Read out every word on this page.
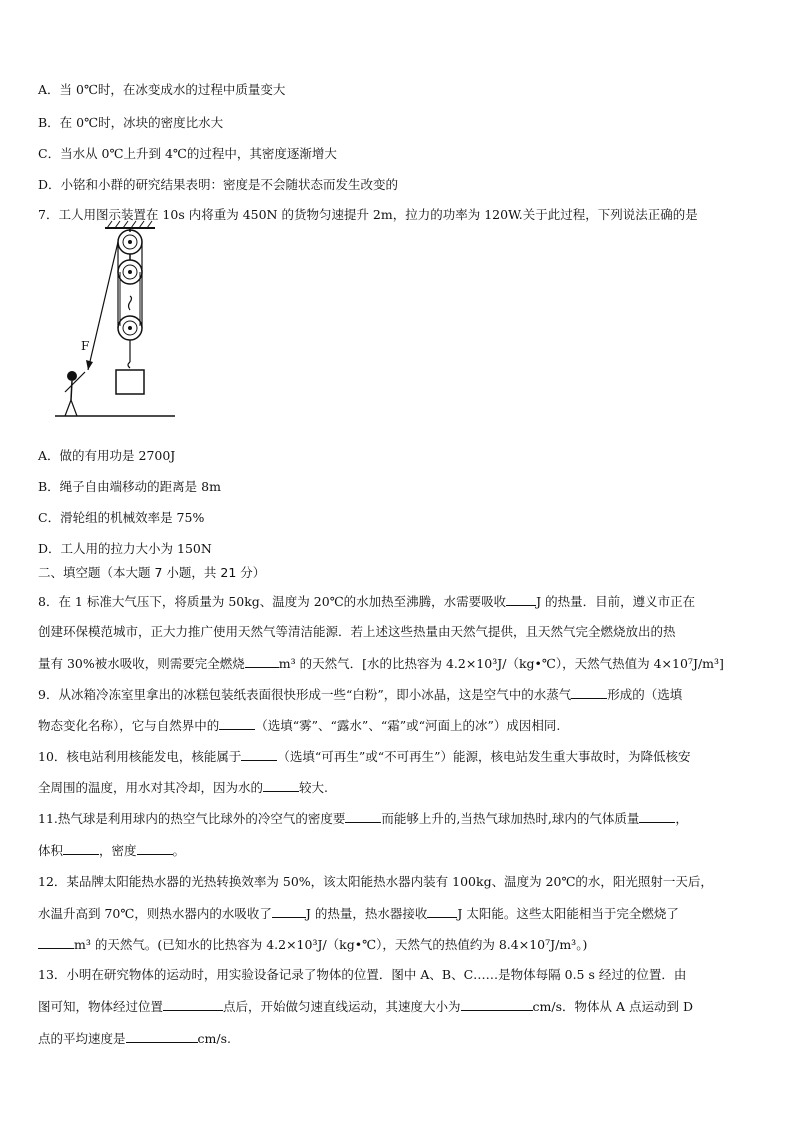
A．当 0℃时，在冰变成水的过程中质量变大
B．在 0℃时，冰块的密度比水大
C．当水从 0℃上升到 4℃的过程中，其密度逐渐增大
D．小铭和小群的研究结果表明：密度是不会随状态而发生改变的
7．工人用图示装置在 10s 内将重为 450N 的货物匀速提升 2m，拉力的功率为 120W.关于此过程，下列说法正确的是
F
A．做的有用功是 2700J
B．绳子自由端移动的距离是 8m
C．滑轮组的机械效率是 75%
D．工人用的拉力大小为 150N
二、填空题（本大题 7 小题，共 21 分）
8．在 1 标准大气压下，将质量为 50kg、温度为 20℃的水加热至沸腾，水需要吸收 J 的热量．目前，遵义市正在
创建环保模范城市，正大力推广使用天然气等清洁能源．若上述这些热量由天然气提供，且天然气完全燃烧放出的热
量有 30%被水吸收，则需要完全燃烧	m³ 的天然气．[水的比热容为 4.2×10³J/（kg•℃），天然气热值为 4×10⁷J/m³]
9．从冰箱冷冻室里拿出的冰糕包装纸表面很快形成一些“白粉”，即小冰晶，这是空气中的水蒸气	形成的（选填
物态变化名称），它与自然界中的	（选填“雾”、“露水”、“霜”或“河面上的冰”）成因相同.
10．核电站利用核能发电，核能属于	（选填“可再生”或“不可再生”）能源，核电站发生重大事故时，为降低核安
全周围的温度，用水对其冷却，因为水的	较大.
11.热气球是利用球内的热空气比球外的冷空气的密度要	而能够上升的,当热气球加热时,球内的气体质量	，
体积	，密度	。
12．某品牌太阳能热水器的光热转换效率为 50%，该太阳能热水器内装有 100kg、温度为 20℃的水，阳光照射一天后，
水温升高到 70℃，则热水器内的水吸收了	J 的热量，热水器接收 J 太阳能。这些太阳能相当于完全燃烧了
m³ 的天然气。(已知水的比热容为 4.2×10³J/（kg•℃），天然气的热值约为 8.4×10⁷J/m³。)
13．小明在研究物体的运动时，用实验设备记录了物体的位置．图中 A、B、C……是物体每隔 0.5 s 经过的位置．由
图可知，物体经过位置	点后，开始做匀速直线运动，其速度大小为	cm/s．物体从 A 点运动到 D
点的平均速度是	cm/s.
